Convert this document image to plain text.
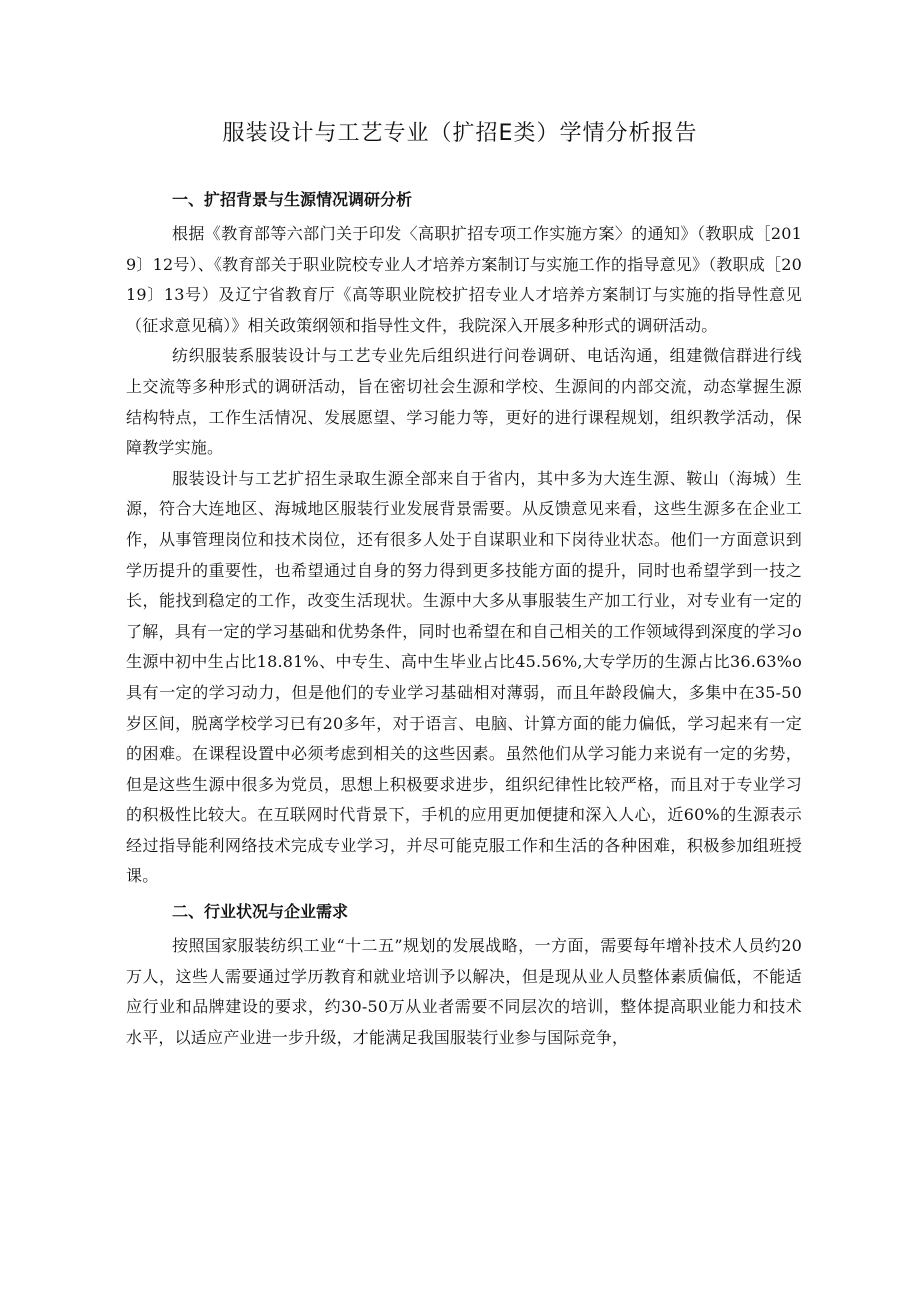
服装设计与工艺专业（扩招E类）学情分析报告
一、扩招背景与生源情况调研分析

根据《教育部等六部门关于印发〈高职扩招专项工作实施方案〉的通知》（教职成［2019〕12号）、《教育部关于职业院校专业人才培养方案制订与实施工作的指导意见》（教职成［2019〕13号）及辽宁省教育厅《高等职业院校扩招专业人才培养方案制订与实施的指导性意见（征求意见稿）》相关政策纲领和指导性文件，我院深入开展多种形式的调研活动。

纺织服装系服装设计与工艺专业先后组织进行问卷调研、电话沟通，组建微信群进行线上交流等多种形式的调研活动，旨在密切社会生源和学校、生源间的内部交流，动态掌握生源结构特点，工作生活情况、发展愿望、学习能力等，更好的进行课程规划，组织教学活动，保障教学实施。

服装设计与工艺扩招生录取生源全部来自于省内，其中多为大连生源、鞍山（海城）生源，符合大连地区、海城地区服装行业发展背景需要。从反馈意见来看，这些生源多在企业工作，从事管理岗位和技术岗位，还有很多人处于自谋职业和下岗待业状态。他们一方面意识到学历提升的重要性，也希望通过自身的努力得到更多技能方面的提升，同时也希望学到一技之长，能找到稳定的工作，改变生活现状。生源中大多从事服装生产加工行业，对专业有一定的了解，具有一定的学习基础和优势条件，同时也希望在和自己相关的工作领域得到深度的学习o生源中初中生占比18.81%、中专生、高中生毕业占比45.56%,大专学历的生源占比36.63%o具有一定的学习动力，但是他们的专业学习基础相对薄弱，而且年龄段偏大，多集中在35-50岁区间，脱离学校学习已有20多年，对于语言、电脑、计算方面的能力偏低，学习起来有一定的困难。在课程设置中必须考虑到相关的这些因素。虽然他们从学习能力来说有一定的劣势，但是这些生源中很多为党员，思想上积极要求进步，组织纪律性比较严格，而且对于专业学习的积极性比较大。在互联网时代背景下，手机的应用更加便捷和深入人心，近60%的生源表示经过指导能利网络技术完成专业学习，并尽可能克服工作和生活的各种困难，积极参加组班授课。

二、行业状况与企业需求

按照国家服装纺织工业“十二五”规划的发展战略，一方面，需要每年增补技术人员约20万人，这些人需要通过学历教育和就业培训予以解决，但是现从业人员整体素质偏低，不能适应行业和品牌建设的要求，约30-50万从业者需要不同层次的培训，整体提高职业能力和技术水平，以适应产业进一步升级，才能满足我国服装行业参与国际竞争，
